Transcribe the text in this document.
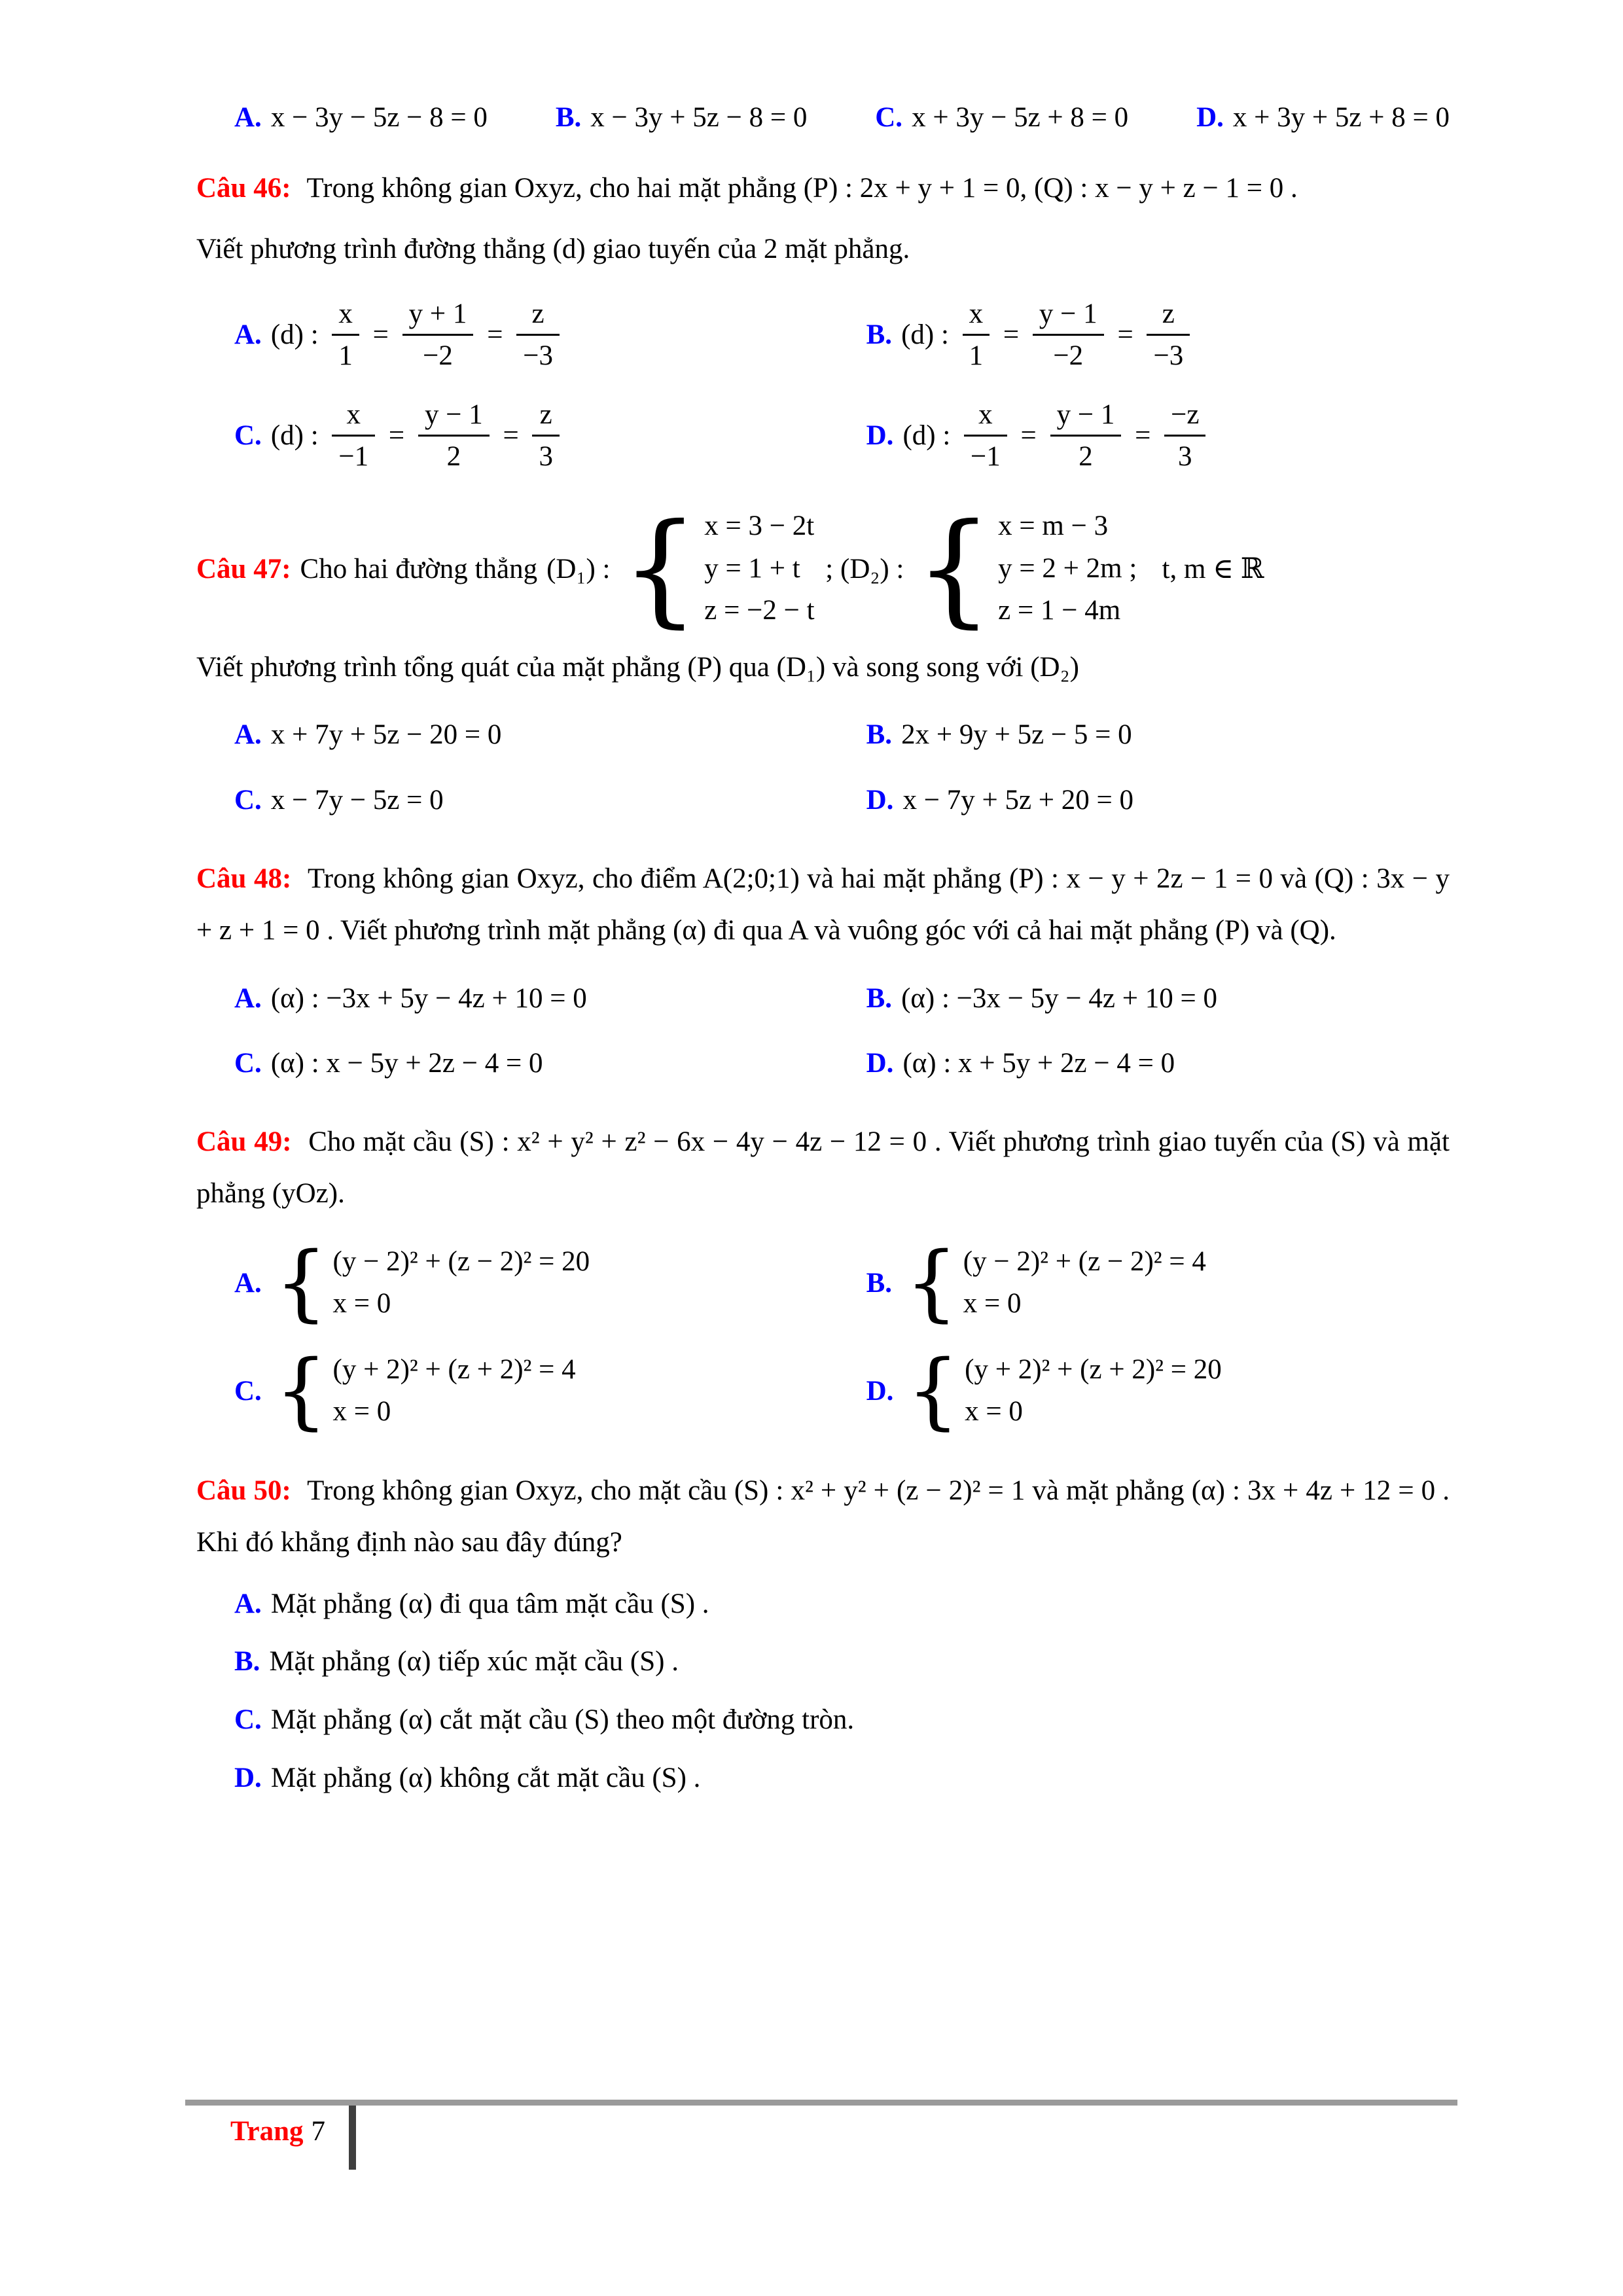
A. x − 3y − 5z − 8 = 0 B. x − 3y + 5z − 8 = 0 C. x + 3y − 5z + 8 = 0 D. x + 3y + 5z + 8 = 0

Câu 46: Trong không gian Oxyz, cho hai mặt phẳng (P) : 2x + y + 1 = 0, (Q) : x − y + z − 1 = 0 .

Viết phương trình đường thẳng (d) giao tuyến của 2 mặt phẳng.

A. (d) : $\frac{x}{1} = \frac{y + 1}{-2} = \frac{z}{-3}$	B. (d) : $\frac{x}{1} = \frac{y - 1}{-2} = \frac{z}{-3}$
C. (d) : $\frac{x}{-1} = \frac{y - 1}{2} = \frac{z}{3}$	D. (d) : $\frac{x}{-1} = \frac{y - 1}{2} = \frac{-z}{3}$
Câu 47: Cho hai đường thẳng (D₁) : { x = 3 − 2t
y = 1 + t
z = −2 − t
; (D₂) : { x = m − 3
y = 2 + 2m ;
z = 1 − 4m
t, m ∈ ℝ

Viết phương trình tổng quát của mặt phẳng (P) qua (D₁) và song song với (D₂)

A. x + 7y + 5z − 20 = 0	B. 2x + 9y + 5z − 5 = 0
C. x − 7y − 5z = 0	D. x − 7y + 5z + 20 = 0

Câu 48: Trong không gian Oxyz, cho điểm A(2;0;1) và hai mặt phẳng (P) : x − y + 2z − 1 = 0 và (Q) : 3x − y + z + 1 = 0 . Viết phương trình mặt phẳng (α) đi qua A và vuông góc với cả hai mặt phẳng (P) và (Q).

A. (α) : −3x + 5y − 4z + 10 = 0	B. (α) : −3x − 5y − 4z + 10 = 0
C. (α) : x − 5y + 2z − 4 = 0	D. (α) : x + 5y + 2z − 4 = 0

Câu 49: Cho mặt cầu (S) : x² + y² + z² − 6x − 4y − 4z − 12 = 0 . Viết phương trình giao tuyến của (S) và mặt phẳng (yOz).

A. { (y − 2)² + (z − 2)² = 20
x = 0
B. { (y − 2)² + (z − 2)² = 4
x = 0
C. { (y + 2)² + (z + 2)² = 4
x = 0
D. { (y + 2)² + (z + 2)² = 20
x = 0

Câu 50: Trong không gian Oxyz, cho mặt cầu (S) : x² + y² + (z − 2)² = 1 và mặt phẳng (α) : 3x + 4z + 12 = 0 . Khi đó khẳng định nào sau đây đúng?

A. Mặt phẳng (α) đi qua tâm mặt cầu (S) .
B. Mặt phẳng (α) tiếp xúc mặt cầu (S) .
C. Mặt phẳng (α) cắt mặt cầu (S) theo một đường tròn.
D. Mặt phẳng (α) không cắt mặt cầu (S) .
Trang 7
